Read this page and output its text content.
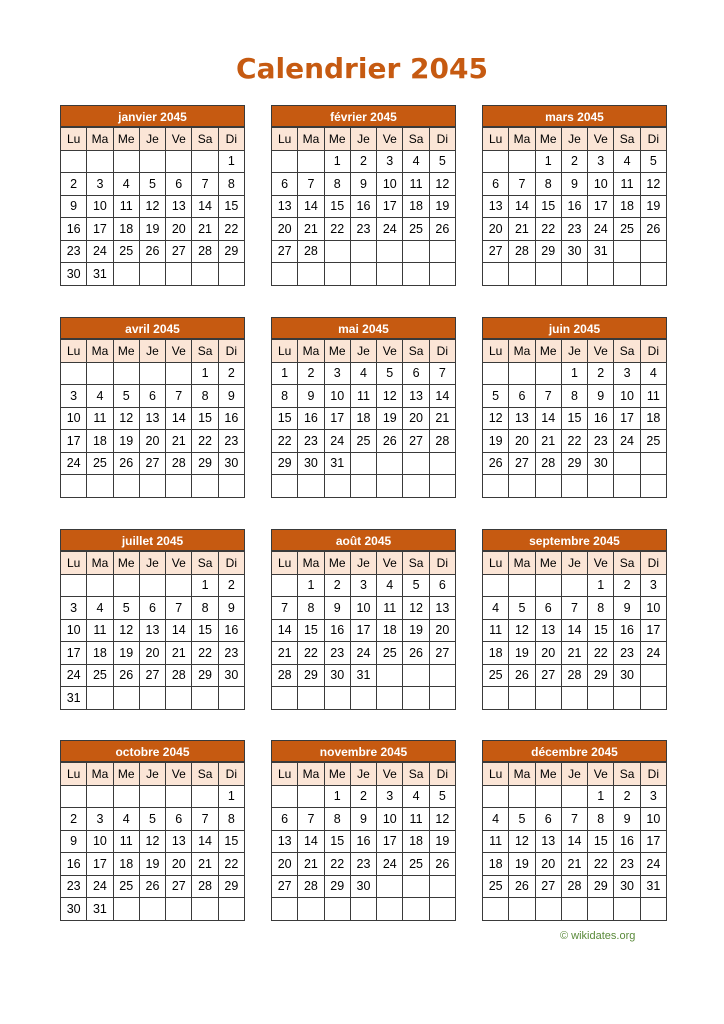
Calendrier 2045
janvier 2045
Lu	Ma	Me	Je	Ve	Sa	Di
						1
2	3	4	5	6	7	8
9	10	11	12	13	14	15
16	17	18	19	20	21	22
23	24	25	26	27	28	29
30	31					
février 2045
Lu	Ma	Me	Je	Ve	Sa	Di
		1	2	3	4	5
6	7	8	9	10	11	12
13	14	15	16	17	18	19
20	21	22	23	24	25	26
27	28					

mars 2045
Lu	Ma	Me	Je	Ve	Sa	Di
		1	2	3	4	5
6	7	8	9	10	11	12
13	14	15	16	17	18	19
20	21	22	23	24	25	26
27	28	29	30	31		

avril 2045
Lu	Ma	Me	Je	Ve	Sa	Di
					1	2
3	4	5	6	7	8	9
10	11	12	13	14	15	16
17	18	19	20	21	22	23
24	25	26	27	28	29	30

mai 2045
Lu	Ma	Me	Je	Ve	Sa	Di
1	2	3	4	5	6	7
8	9	10	11	12	13	14
15	16	17	18	19	20	21
22	23	24	25	26	27	28
29	30	31				

juin 2045
Lu	Ma	Me	Je	Ve	Sa	Di
			1	2	3	4
5	6	7	8	9	10	11
12	13	14	15	16	17	18
19	20	21	22	23	24	25
26	27	28	29	30		

juillet 2045
Lu	Ma	Me	Je	Ve	Sa	Di
					1	2
3	4	5	6	7	8	9
10	11	12	13	14	15	16
17	18	19	20	21	22	23
24	25	26	27	28	29	30
31						
août 2045
Lu	Ma	Me	Je	Ve	Sa	Di
	1	2	3	4	5	6
7	8	9	10	11	12	13
14	15	16	17	18	19	20
21	22	23	24	25	26	27
28	29	30	31			

septembre 2045
Lu	Ma	Me	Je	Ve	Sa	Di
				1	2	3
4	5	6	7	8	9	10
11	12	13	14	15	16	17
18	19	20	21	22	23	24
25	26	27	28	29	30	

octobre 2045
Lu	Ma	Me	Je	Ve	Sa	Di
						1
2	3	4	5	6	7	8
9	10	11	12	13	14	15
16	17	18	19	20	21	22
23	24	25	26	27	28	29
30	31					
novembre 2045
Lu	Ma	Me	Je	Ve	Sa	Di
		1	2	3	4	5
6	7	8	9	10	11	12
13	14	15	16	17	18	19
20	21	22	23	24	25	26
27	28	29	30			

décembre 2045
Lu	Ma	Me	Je	Ve	Sa	Di
				1	2	3
4	5	6	7	8	9	10
11	12	13	14	15	16	17
18	19	20	21	22	23	24
25	26	27	28	29	30	31

© wikidates.org
